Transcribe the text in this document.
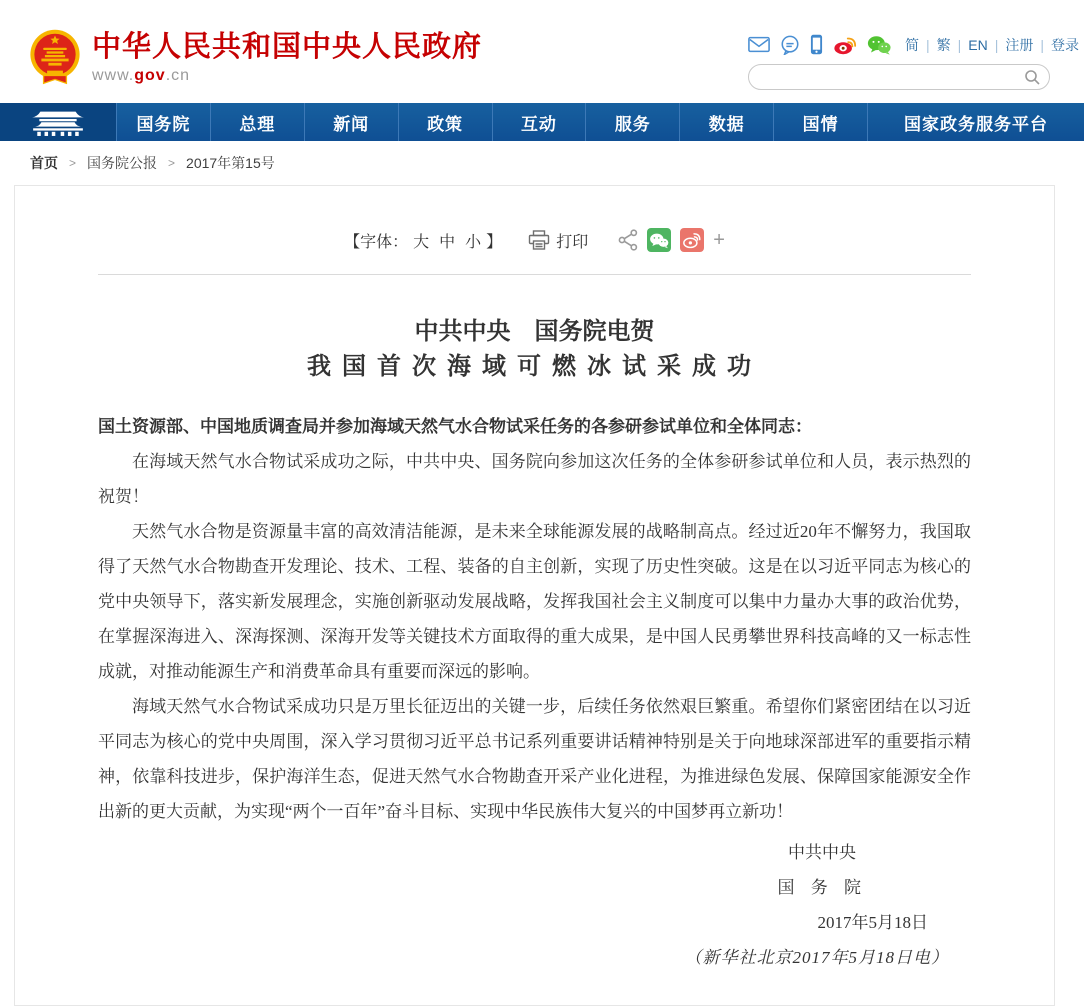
中华人民共和国中央人民政府
www.gov.cn
简 | 繁 | EN | 注册 | 登录
国务院	总理	新闻	政策	互动	服务	数据	国情	国家政务服务平台
首页 > 国务院公报 > 2017年第15号
【字体： 大 中 小 】	打印	+
中共中央　国务院电贺
我国首次海域可燃冰试采成功

国土资源部、中国地质调查局并参加海域天然气水合物试采任务的各参研参试单位和全体同志：

在海域天然气水合物试采成功之际，中共中央、国务院向参加这次任务的全体参研参试单位和人员，表示热烈的祝贺！

天然气水合物是资源量丰富的高效清洁能源，是未来全球能源发展的战略制高点。经过近20年不懈努力，我国取得了天然气水合物勘查开发理论、技术、工程、装备的自主创新，实现了历史性突破。这是在以习近平同志为核心的党中央领导下，落实新发展理念，实施创新驱动发展战略，发挥我国社会主义制度可以集中力量办大事的政治优势，在掌握深海进入、深海探测、深海开发等关键技术方面取得的重大成果，是中国人民勇攀世界科技高峰的又一标志性成就，对推动能源生产和消费革命具有重要而深远的影响。

海域天然气水合物试采成功只是万里长征迈出的关键一步，后续任务依然艰巨繁重。希望你们紧密团结在以习近平同志为核心的党中央周围，深入学习贯彻习近平总书记系列重要讲话精神特别是关于向地球深部进军的重要指示精神，依靠科技进步，保护海洋生态，促进天然气水合物勘查开采产业化进程，为推进绿色发展、保障国家能源安全作出新的更大贡献，为实现“两个一百年”奋斗目标、实现中华民族伟大复兴的中国梦再立新功！

中共中央
国 务 院
2017年5月18日
（新华社北京2017年5月18日电）
